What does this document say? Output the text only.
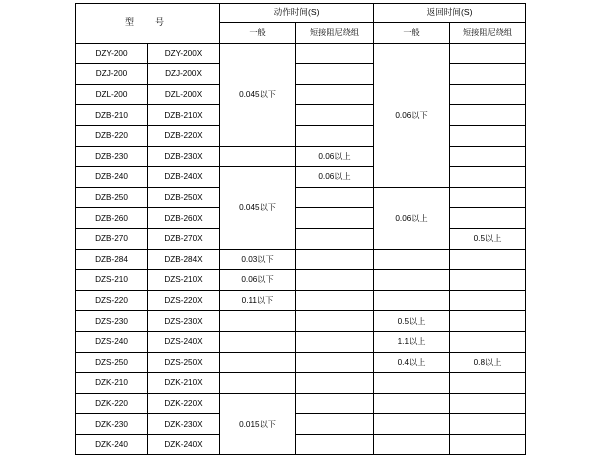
型　号		动作时间(S)		返回时间(S)	
		一般	短接阻尼绕组	一般	短接阻尼绕组
DZY-200	DZY-200X	0.045以下		0.06以下	
DZJ-200	DZJ-200X				
DZL-200	DZL-200X				
DZB-210	DZB-210X				
DZB-220	DZB-220X				
DZB-230	DZB-230X		0.06以上		
DZB-240	DZB-240X	0.045以下	0.06以上		
DZB-250	DZB-250X			0.06以上	
DZB-260	DZB-260X				
DZB-270	DZB-270X				0.5以上
DZB-284	DZB-284X	0.03以下			
DZS-210	DZS-210X	0.06以下			
DZS-220	DZS-220X	0.11以下			
DZS-230	DZS-230X			0.5以上	
DZS-240	DZS-240X			1.1以上	
DZS-250	DZS-250X			0.4以上	0.8以上
DZK-210	DZK-210X				
DZK-220	DZK-220X	0.015以下			
DZK-230	DZK-230X				
DZK-240	DZK-240X				
